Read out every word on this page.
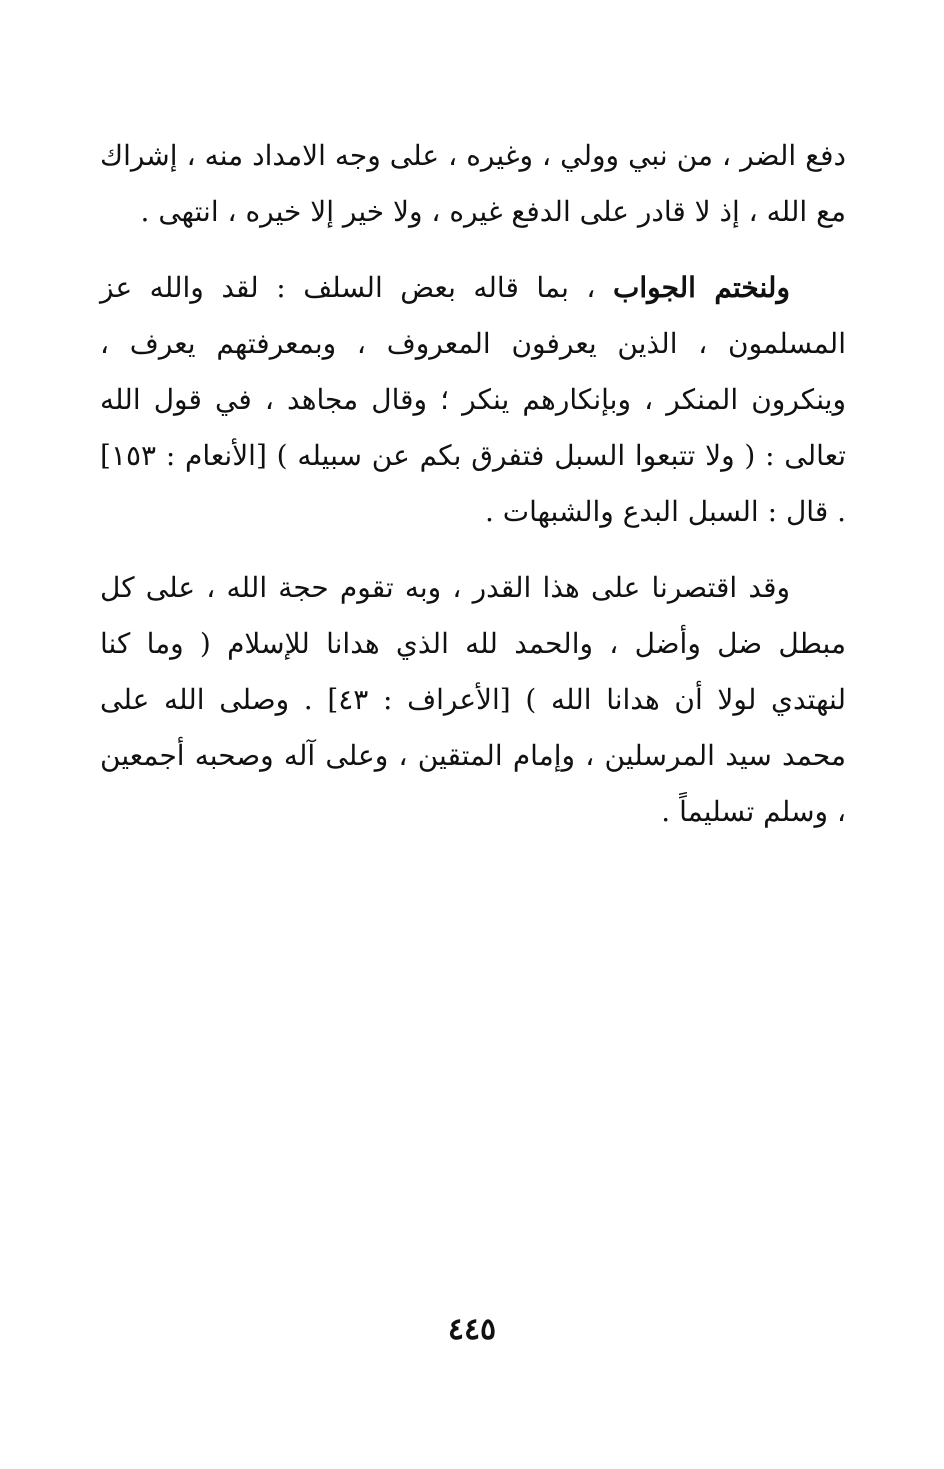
دفع الضر ، من نبي وولي ، وغيره ، على وجه الامداد منه ، إشراك مع الله ، إذ لا قادر على الدفع غيره ، ولا خير إلا خيره ، انتهى .

ولنختم الجواب ، بما قاله بعض السلف : لقد والله عز المسلمون ، الذين يعرفون المعروف ، وبمعرفتهم يعرف ، وينكرون المنكر ، وبإنكارهم ينكر ؛ وقال مجاهد ، في قول الله تعالى : ( ولا تتبعوا السبل فتفرق بكم عن سبيله ) [الأنعام : ١٥٣] . قال : السبل البدع والشبهات .

وقد اقتصرنا على هذا القدر ، وبه تقوم حجة الله ، على كل مبطل ضل وأضل ، والحمد لله الذي هدانا للإسلام ( وما كنا لنهتدي لولا أن هدانا الله ) [الأعراف : ٤٣] . وصلى الله على محمد سيد المرسلين ، وإمام المتقين ، وعلى آله وصحبه أجمعين ، وسلم تسليماً .

٤٤٥
